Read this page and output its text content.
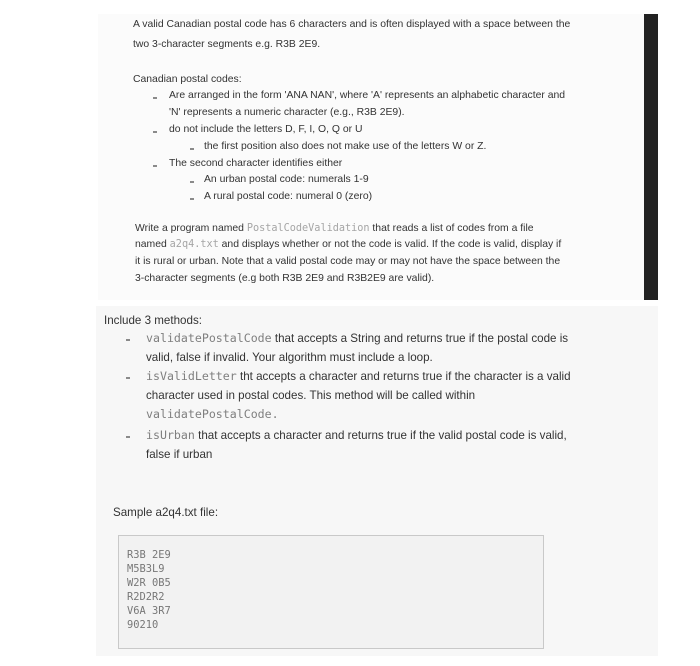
A valid Canadian postal code has 6 characters and is often displayed with a space between the
two 3-character segments e.g. R3B 2E9.
Canadian postal codes:
Are arranged in the form 'ANA NAN', where 'A' represents an alphabetic character and
'N' represents a numeric character (e.g., R3B 2E9).
do not include the letters D, F, I, O, Q or U
the first position also does not make use of the letters W or Z.
The second character identifies either
An urban postal code: numerals 1-9
A rural postal code: numeral 0 (zero)
Write a program named PostalCodeValidation that reads a list of codes from a file
named a2q4.txt and displays whether or not the code is valid. If the code is valid, display if
it is rural or urban. Note that a valid postal code may or may not have the space between the
3-character segments (e.g both R3B 2E9 and R3B2E9 are valid).
Include 3 methods:
validatePostalCode that accepts a String and returns true if the postal code is
valid, false if invalid. Your algorithm must include a loop.
isValidLetter tht accepts a character and returns true if the character is a valid
character used in postal codes. This method will be called within
validatePostalCode.
isUrban that accepts a character and returns true if the valid postal code is valid,
false if urban
Sample a2q4.txt file:
R3B 2E9
M5B3L9
W2R 0B5
R2D2R2
V6A 3R7
90210
